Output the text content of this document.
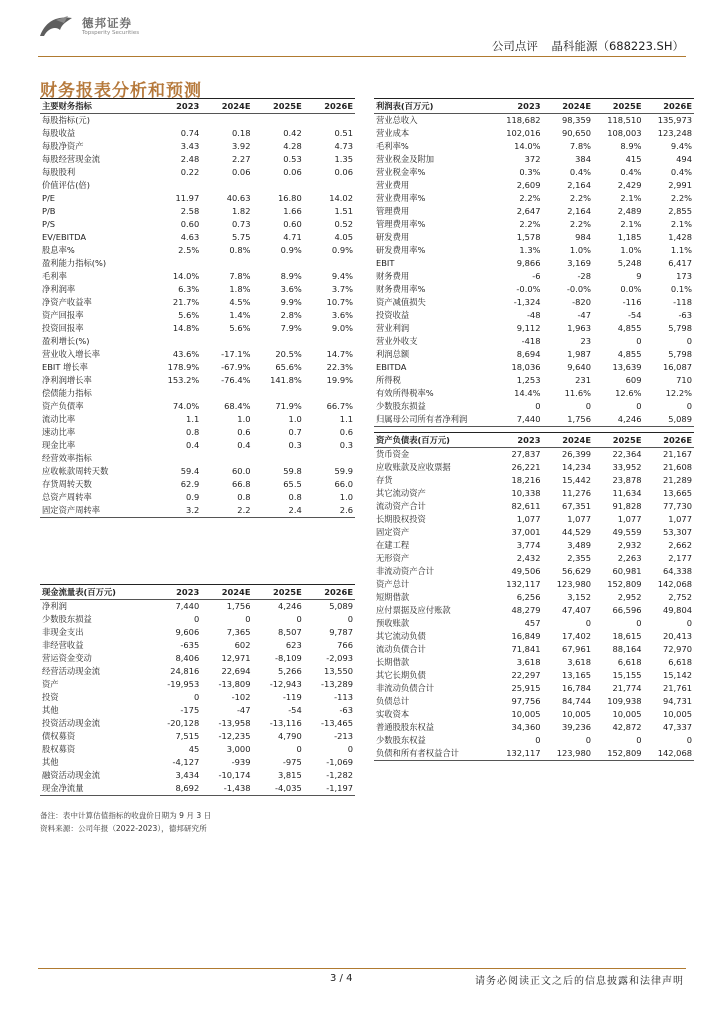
德邦证券
Topsperity Securities
公司点评 晶科能源（688223.SH）
财务报表分析和预测
主要财务指标	2023	2024E	2025E	2026E
每股指标(元)				
每股收益	0.74	0.18	0.42	0.51
每股净资产	3.43	3.92	4.28	4.73
每股经营现金流	2.48	2.27	0.53	1.35
每股股利	0.22	0.06	0.06	0.06
价值评估(倍)				
P/E	11.97	40.63	16.80	14.02
P/B	2.58	1.82	1.66	1.51
P/S	0.60	0.73	0.60	0.52
EV/EBITDA	4.63	5.75	4.71	4.05
股息率%	2.5%	0.8%	0.9%	0.9%
盈利能力指标(%)				
毛利率	14.0%	7.8%	8.9%	9.4%
净利润率	6.3%	1.8%	3.6%	3.7%
净资产收益率	21.7%	4.5%	9.9%	10.7%
资产回报率	5.6%	1.4%	2.8%	3.6%
投资回报率	14.8%	5.6%	7.9%	9.0%
盈利增长(%)				
营业收入增长率	43.6%	-17.1%	20.5%	14.7%
EBIT 增长率	178.9%	-67.9%	65.6%	22.3%
净利润增长率	153.2%	-76.4%	141.8%	19.9%
偿债能力指标				
资产负债率	74.0%	68.4%	71.9%	66.7%
流动比率	1.1	1.0	1.0	1.1
速动比率	0.8	0.6	0.7	0.6
现金比率	0.4	0.4	0.3	0.3
经营效率指标				
应收帐款周转天数	59.4	60.0	59.8	59.9
存货周转天数	62.9	66.8	65.5	66.0
总资产周转率	0.9	0.8	0.8	1.0
固定资产周转率	3.2	2.2	2.4	2.6
利润表(百万元)	2023	2024E	2025E	2026E
营业总收入	118,682	98,359	118,510	135,973
营业成本	102,016	90,650	108,003	123,248
毛利率%	14.0%	7.8%	8.9%	9.4%
营业税金及附加	372	384	415	494
营业税金率%	0.3%	0.4%	0.4%	0.4%
营业费用	2,609	2,164	2,429	2,991
营业费用率%	2.2%	2.2%	2.1%	2.2%
管理费用	2,647	2,164	2,489	2,855
管理费用率%	2.2%	2.2%	2.1%	2.1%
研发费用	1,578	984	1,185	1,428
研发费用率%	1.3%	1.0%	1.0%	1.1%
EBIT	9,866	3,169	5,248	6,417
财务费用	-6	-28	9	173
财务费用率%	-0.0%	-0.0%	0.0%	0.1%
资产减值损失	-1,324	-820	-116	-118
投资收益	-48	-47	-54	-63
营业利润	9,112	1,963	4,855	5,798
营业外收支	-418	23	0	0
利润总额	8,694	1,987	4,855	5,798
EBITDA	18,036	9,640	13,639	16,087
所得税	1,253	231	609	710
有效所得税率%	14.4%	11.6%	12.6%	12.2%
少数股东损益	0	0	0	0
归属母公司所有者净利润	7,440	1,756	4,246	5,089
资产负债表(百万元)	2023	2024E	2025E	2026E
货币资金	27,837	26,399	22,364	21,167
应收账款及应收票据	26,221	14,234	33,952	21,608
存货	18,216	15,442	23,878	21,289
其它流动资产	10,338	11,276	11,634	13,665
流动资产合计	82,611	67,351	91,828	77,730
长期股权投资	1,077	1,077	1,077	1,077
固定资产	37,001	44,529	49,559	53,307
在建工程	3,774	3,489	2,932	2,662
无形资产	2,432	2,355	2,263	2,177
非流动资产合计	49,506	56,629	60,981	64,338
资产总计	132,117	123,980	152,809	142,068
短期借款	6,256	3,152	2,952	2,752
应付票据及应付账款	48,279	47,407	66,596	49,804
预收账款	457	0	0	0
其它流动负债	16,849	17,402	18,615	20,413
流动负债合计	71,841	67,961	88,164	72,970
长期借款	3,618	3,618	6,618	6,618
其它长期负债	22,297	13,165	15,155	15,142
非流动负债合计	25,915	16,784	21,774	21,761
负债总计	97,756	84,744	109,938	94,731
实收资本	10,005	10,005	10,005	10,005
普通股股东权益	34,360	39,236	42,872	47,337
少数股东权益	0	0	0	0
负债和所有者权益合计	132,117	123,980	152,809	142,068
现金流量表(百万元)	2023	2024E	2025E	2026E
净利润	7,440	1,756	4,246	5,089
少数股东损益	0	0	0	0
非现金支出	9,606	7,365	8,507	9,787
非经营收益	-635	602	623	766
营运资金变动	8,406	12,971	-8,109	-2,093
经营活动现金流	24,816	22,694	5,266	13,550
资产	-19,953	-13,809	-12,943	-13,289
投资	0	-102	-119	-113
其他	-175	-47	-54	-63
投资活动现金流	-20,128	-13,958	-13,116	-13,465
债权募资	7,515	-12,235	4,790	-213
股权募资	45	3,000	0	0
其他	-4,127	-939	-975	-1,069
融资活动现金流	3,434	-10,174	3,815	-1,282
现金净流量	8,692	-1,438	-4,035	-1,197
备注：表中计算估值指标的收盘价日期为 9 月 3 日
资料来源：公司年报（2022-2023），德邦研究所
3 / 4	请务必阅读正文之后的信息披露和法律声明
